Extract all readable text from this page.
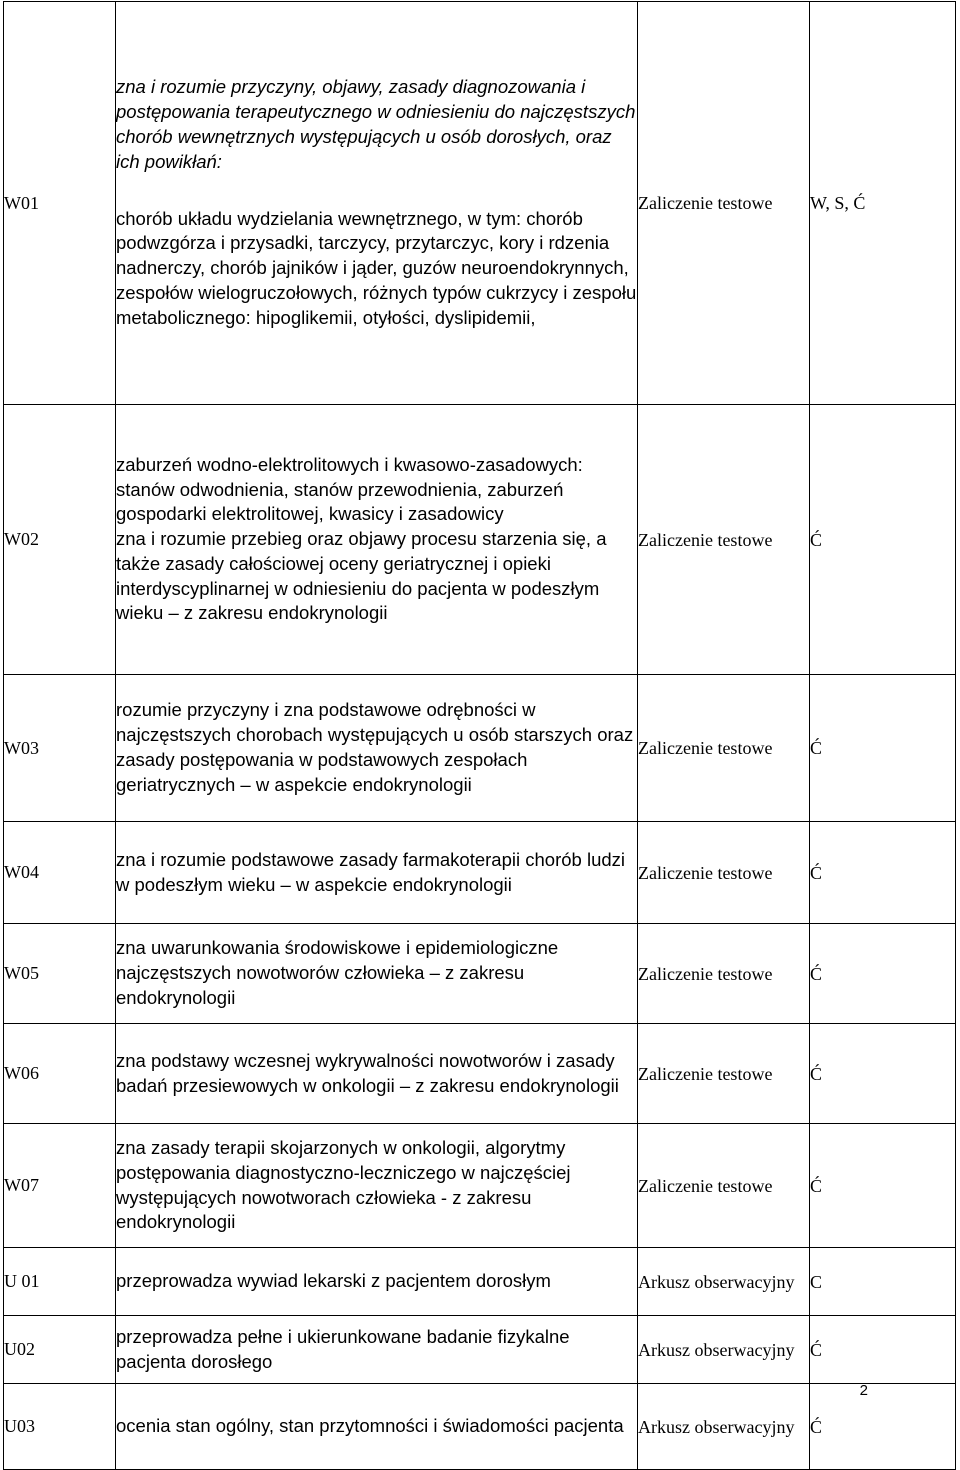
W01	zna i rozumie przyczyny, objawy, zasady diagnozowania i postępowania terapeutycznego w odniesieniu do najczęstszych chorób wewnętrznych występujących u osób dorosłych, oraz ich powikłań:

chorób układu wydzielania wewnętrznego, w tym: chorób podwzgórza i przysadki, tarczycy, przytarczyc, kory i rdzenia nadnerczy, chorób jajników i jąder, guzów neuroendokrynnych, zespołów wielogruczołowych, różnych typów cukrzycy i zespołu metabolicznego: hipoglikemii, otyłości, dyslipidemii,	Zaliczenie testowe	W, S, Ć
W02	zaburzeń wodno-elektrolitowych i kwasowo-zasadowych: stanów odwodnienia, stanów przewodnienia, zaburzeń gospodarki elektrolitowej, kwasicy i zasadowicy

zna i rozumie przebieg oraz objawy procesu starzenia się, a także zasady całościowej oceny geriatrycznej i opieki interdyscyplinarnej w odniesieniu do pacjenta w podeszłym wieku – z zakresu endokrynologii	Zaliczenie testowe	Ć
W03	rozumie przyczyny i zna podstawowe odrębności w najczęstszych chorobach występujących u osób starszych oraz zasady postępowania w podstawowych zespołach geriatrycznych – w aspekcie endokrynologii	Zaliczenie testowe	Ć
W04	zna i rozumie podstawowe zasady farmakoterapii chorób ludzi w podeszłym wieku – w aspekcie endokrynologii	Zaliczenie testowe	Ć
W05	zna uwarunkowania środowiskowe i epidemiologiczne najczęstszych nowotworów człowieka – z zakresu endokrynologii	Zaliczenie testowe	Ć
W06	zna podstawy wczesnej wykrywalności nowotworów i zasady badań przesiewowych w onkologii – z zakresu endokrynologii	Zaliczenie testowe	Ć
W07	zna zasady terapii skojarzonych w onkologii, algorytmy postępowania diagnostyczno-leczniczego w najczęściej występujących nowotworach człowieka - z zakresu endokrynologii	Zaliczenie testowe	Ć
U 01	przeprowadza wywiad lekarski z pacjentem dorosłym	Arkusz obserwacyjny	C
U02	przeprowadza pełne i ukierunkowane badanie fizykalne pacjenta dorosłego	Arkusz obserwacyjny	Ć
U03	ocenia stan ogólny, stan przytomności i świadomości pacjenta	Arkusz obserwacyjny	Ć
2
